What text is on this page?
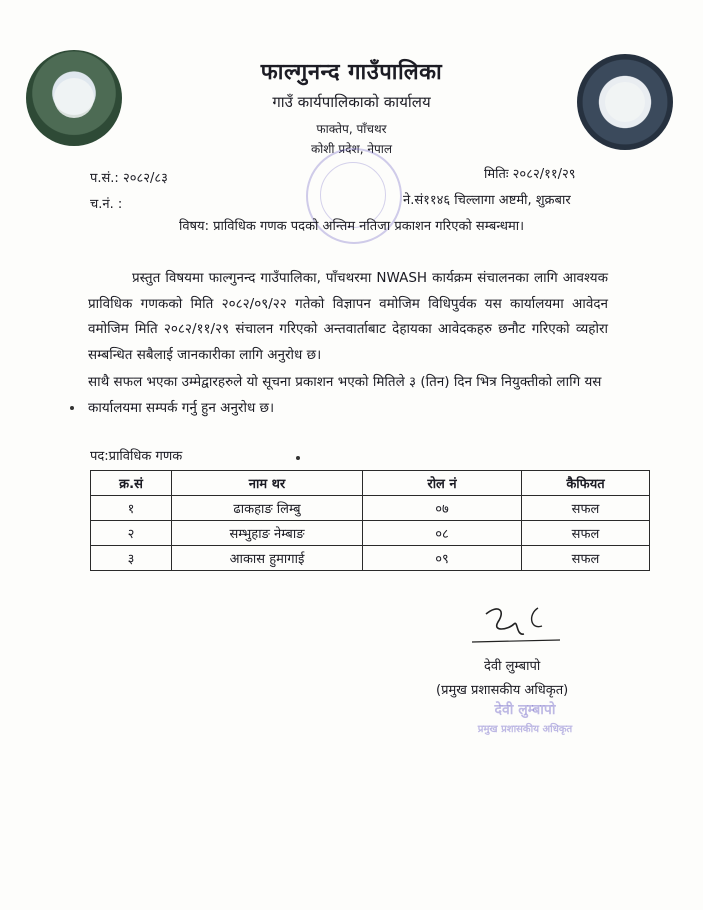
फाल्गुनन्द गाउँपालिका
गाउँ कार्यपालिकाको कार्यालय
फाक्तेप, पाँचथर
कोशी प्रदेश, नेपाल
प.सं.: २०८२/८३	मितिः २०८२/११/२९
च.नं. :	ने.सं११४६ चिल्लागा अष्टमी, शुक्रबार
विषय: प्राविधिक गणक पदको अन्तिम नतिजा प्रकाशन गरिएको सम्बन्धमा।

प्रस्तुत विषयमा फाल्गुनन्द गाउँपालिका, पाँचथरमा NWASH कार्यक्रम संचालनका लागि आवश्यक प्राविधिक गणकको मिति २०८२/०९/२२ गतेको विज्ञापन वमोजिम विधिपुर्वक यस कार्यालयमा आवेदन वमोजिम मिति २०८२/११/२९ संचालन गरिएको अन्तवार्ताबाट देहायका आवेदकहरु छनौट गरिएको व्यहोरा सम्बन्धित सबैलाई जानकारीका लागि अनुरोध छ।

साथै सफल भएका उम्मेद्वारहरुले यो सूचना प्रकाशन भएको मितिले ३ (तिन) दिन भित्र नियुक्तीको लागि यस कार्यालयमा सम्पर्क गर्नु हुन अनुरोध छ।

पद:प्राविधिक गणक
क्र.सं	नाम थर	रोल नं	कैफियत
१	ढाकहाङ लिम्बु	०७	सफल
२	सम्भुहाङ नेम्बाङ	०८	सफल
३	आकास हुमागाई	०९	सफल
देवी लुम्बापो
(प्रमुख प्रशासकीय अधिकृत)
देवी लुम्बापो
प्रमुख प्रशासकीय अधिकृत
